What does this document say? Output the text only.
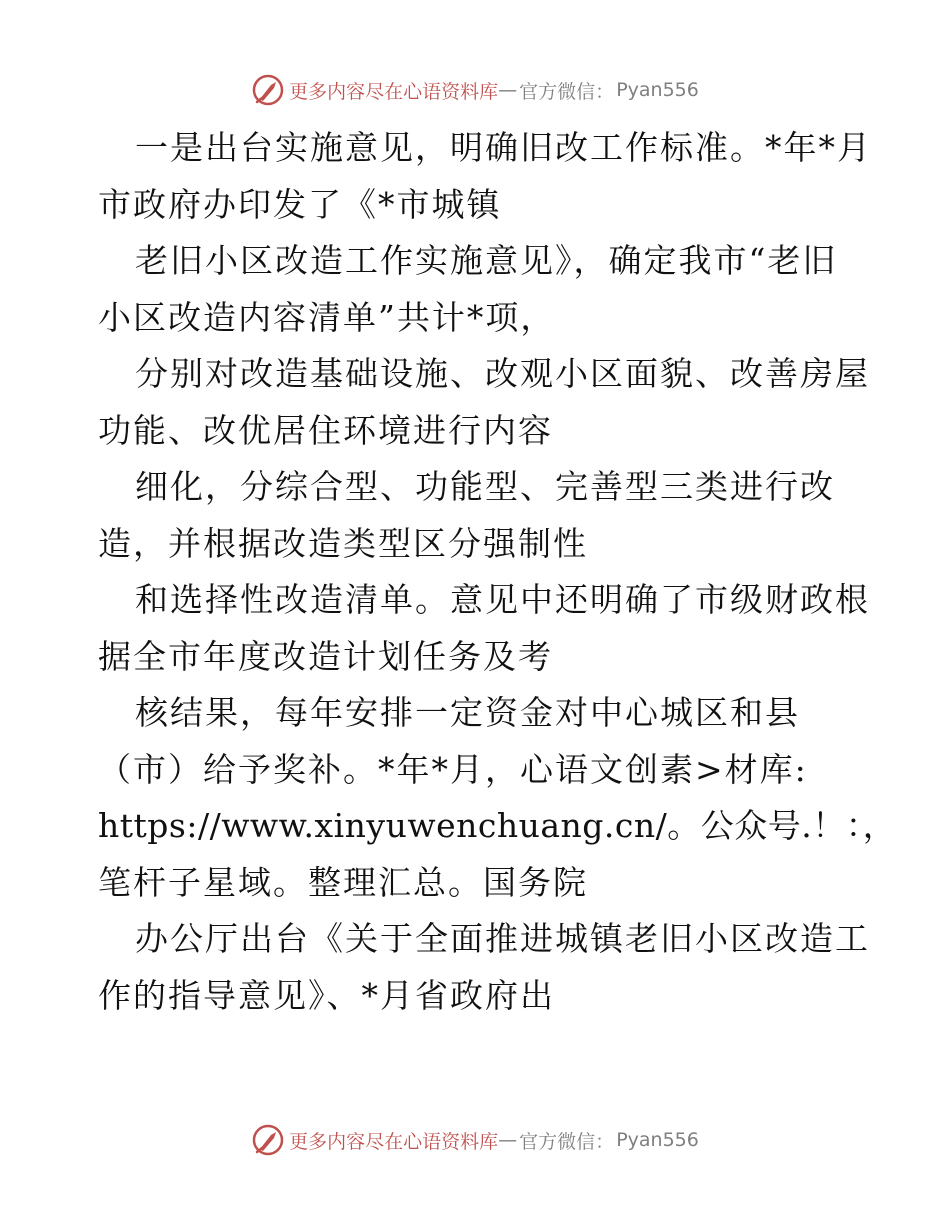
更多内容尽在心语资料库 — 官方微信： Pyan556
一是出台实施意见，明确旧改工作标准。*年*月
市政府办印发了《*市城镇
老旧小区改造工作实施意见》，确定我市“老旧
小区改造内容清单”共计*项，
分别对改造基础设施、改观小区面貌、改善房屋
功能、改优居住环境进行内容
细化，分综合型、功能型、完善型三类进行改
造，并根据改造类型区分强制性
和选择性改造清单。意见中还明确了市级财政根
据全市年度改造计划任务及考
核结果，每年安排一定资金对中心城区和县
（市）给予奖补。*年*月，心语文创素>材库:
https://www.xinyuwenchuang.cn/。公众号.！：，
笔杆子星域。整理汇总。国务院
办公厅出台《关于全面推进城镇老旧小区改造工
作的指导意见》、*月省政府出
更多内容尽在心语资料库 — 官方微信： Pyan556
